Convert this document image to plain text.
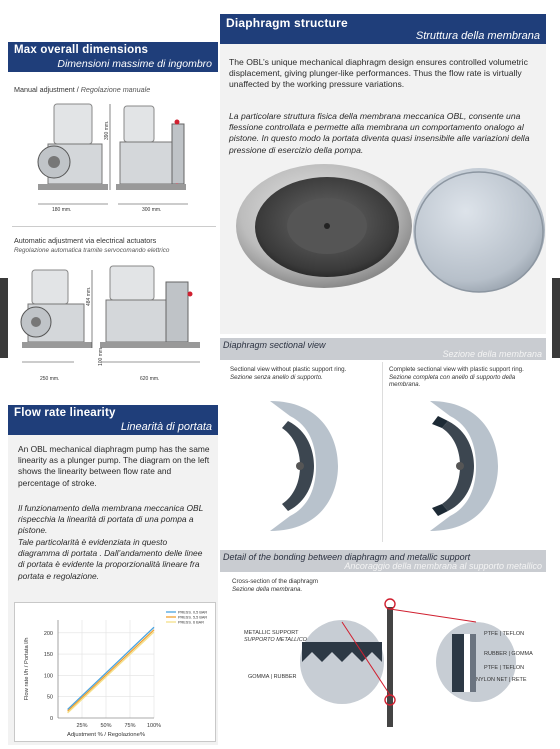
Diaphragm structure
Struttura della membrana
The OBL’s unique mechanical diaphragm design ensures controlled volumetric displacement, giving plunger-like performances. Thus the flow rate is virtually unaffected by the working pressure variations.
La particolare struttura fisica della membrana meccanica OBL, consente una flessione controllata e permette alla membrana un comportamento onalogo al pistone. In questo modo la portata diventa quasi insensibile alle variazioni della pressione di esercizio della pompa.
Diaphragm sectional view
Sezione della membrana
Sectional view without plastic support ring.
Sezione senza anello di supporto.
Complete sectional view with plastic support ring.
Sezione completa con anello di supporto della membrana.
Detail of the bonding between diaphragm and metallic support
Ancoraggio della membrana al supporto metallico
Cross-section of the diaphragm
Sezione della membrana.
METALLIC SUPPORT
SUPPORTO METALLICO
GOMMA | RUBBER
PTFE | TEFLON
RUBBER | GOMMA
PTFE | TEFLON
NYLON NET | RETE
Max overall dimensions
Dimensioni massime di ingombro
Manual adjustment / Regolazione manuale
390 mm.
180 mm.	300 mm.
Automatic adjustment via electrical actuators
Regolazione automatica tramite servocomando elettrico
484 mm.
100 mm.
250 mm.	620 mm.
Flow rate linearity
Linearità di portata
An OBL mechanical diaphragm pump has the same linearity as a plunger pump. The diagram on the left shows the linearity between flow rate and percentage of stroke.
Il funzionamento della membrana meccanica OBL rispecchia la linearità di portata di una pompa a pistone.
Tale particolarità è evidenziata in questo diagramma di portata . Dall’andamento delle linee di portata è evidente la proporzionalità lineare fra portata e regolazione.
0
50
100
150
200
25% 50% 75% 100%
PRESS. 0,5 BAR
PRESS. 5,5 BAR
PRESS. 6 BAR
Adjustment % / Regolazione%
Flow rate l/h / Portata l/h
